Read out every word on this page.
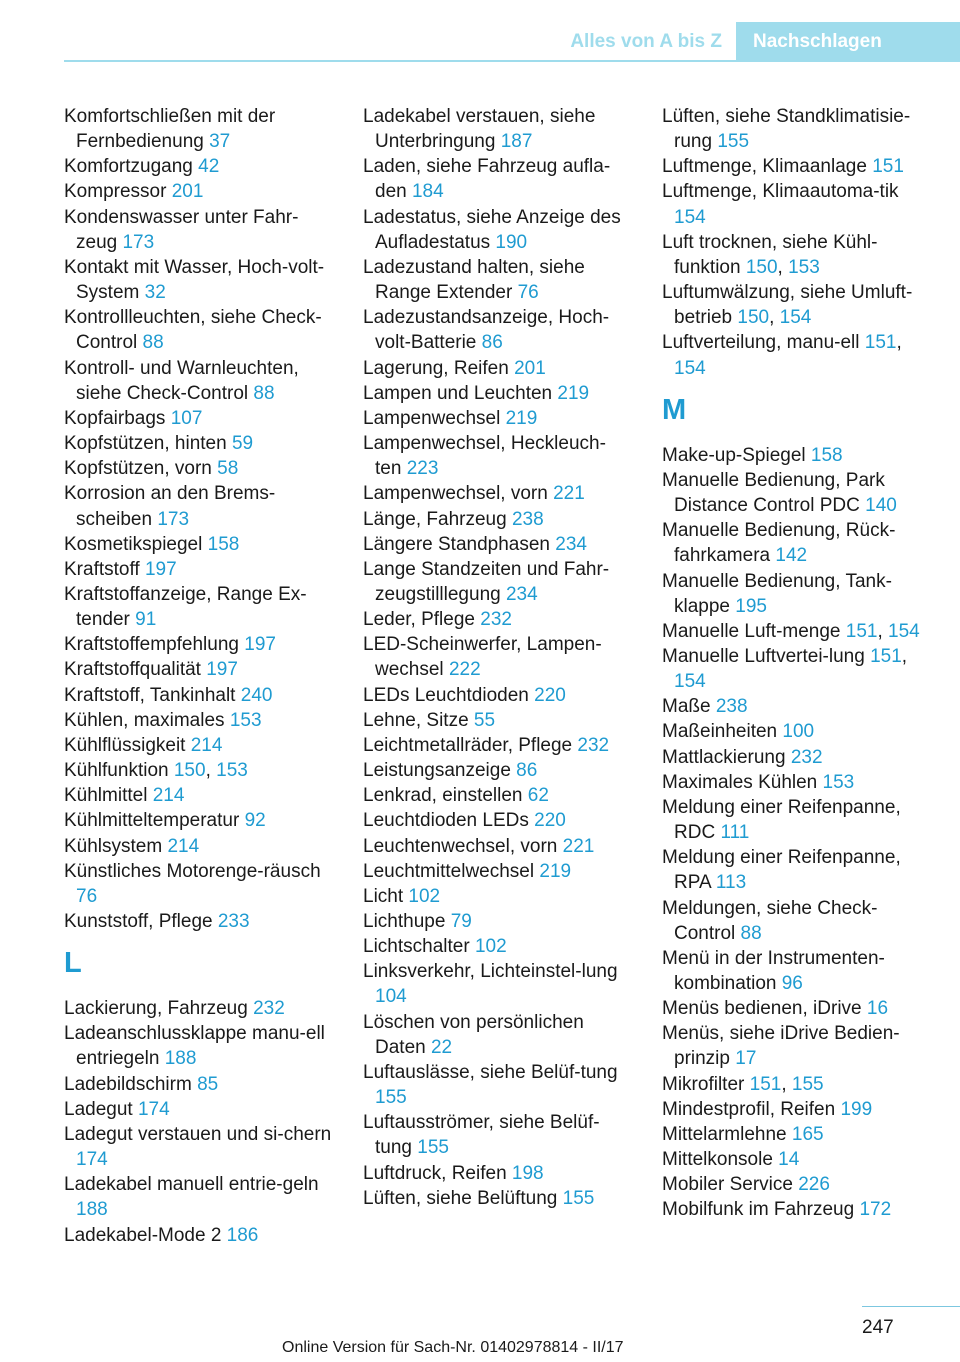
Alles von A bis Z	Nachschlagen
Komfortschließen mit der Fernbedienung 37
Komfortzugang 42
Kompressor 201
Kondenswasser unter Fahr-zeug 173
Kontakt mit Wasser, Hoch-volt-System 32
Kontrollleuchten, siehe Check-Control 88
Kontroll- und Warnleuchten, siehe Check-Control 88
Kopfairbags 107
Kopfstützen, hinten 59
Kopfstützen, vorn 58
Korrosion an den Brems-scheiben 173
Kosmetikspiegel 158
Kraftstoff 197
Kraftstoffanzeige, Range Ex-tender 91
Kraftstoffempfehlung 197
Kraftstoffqualität 197
Kraftstoff, Tankinhalt 240
Kühlen, maximales 153
Kühlflüssigkeit 214
Kühlfunktion 150, 153
Kühlmittel 214
Kühlmitteltemperatur 92
Kühlsystem 214
Künstliches Motorenge-räusch 76
Kunststoff, Pflege 233
L
Lackierung, Fahrzeug 232
Ladeanschlussklappe manu-ell entriegeln 188
Ladebildschirm 85
Ladegut 174
Ladegut verstauen und si-chern 174
Ladekabel manuell entrie-geln 188
Ladekabel-Mode 2 186
Ladekabel verstauen, siehe Unterbringung 187
Laden, siehe Fahrzeug aufla-den 184
Ladestatus, siehe Anzeige des Aufladestatus 190
Ladezustand halten, siehe Range Extender 76
Ladezustandsanzeige, Hoch-volt-Batterie 86
Lagerung, Reifen 201
Lampen und Leuchten 219
Lampenwechsel 219
Lampenwechsel, Heckleuch-ten 223
Lampenwechsel, vorn 221
Länge, Fahrzeug 238
Längere Standphasen 234
Lange Standzeiten und Fahr-zeugstilllegung 234
Leder, Pflege 232
LED-Scheinwerfer, Lampen-wechsel 222
LEDs Leuchtdioden 220
Lehne, Sitze 55
Leichtmetallräder, Pflege 232
Leistungsanzeige 86
Lenkrad, einstellen 62
Leuchtdioden LEDs 220
Leuchtenwechsel, vorn 221
Leuchtmittelwechsel 219
Licht 102
Lichthupe 79
Lichtschalter 102
Linksverkehr, Lichteinstel-lung 104
Löschen von persönlichen Daten 22
Luftauslässe, siehe Belüf-tung 155
Luftausströmer, siehe Belüf-tung 155
Luftdruck, Reifen 198
Lüften, siehe Belüftung 155
Lüften, siehe Standklimatisie-rung 155
Luftmenge, Klimaanlage 151
Luftmenge, Klimaautoma-tik 154
Luft trocknen, siehe Kühl-funktion 150, 153
Luftumwälzung, siehe Umluft-betrieb 150, 154
Luftverteilung, manu-ell 151, 154
M
Make-up-Spiegel 158
Manuelle Bedienung, Park Distance Control PDC 140
Manuelle Bedienung, Rück-fahrkamera 142
Manuelle Bedienung, Tank-klappe 195
Manuelle Luft-menge 151, 154
Manuelle Luftvertei-lung 151, 154
Maße 238
Maßeinheiten 100
Mattlackierung 232
Maximales Kühlen 153
Meldung einer Reifenpanne, RDC 111
Meldung einer Reifenpanne, RPA 113
Meldungen, siehe Check-Control 88
Menü in der Instrumenten-kombination 96
Menüs bedienen, iDrive 16
Menüs, siehe iDrive Bedien-prinzip 17
Mikrofilter 151, 155
Mindestprofil, Reifen 199
Mittelarmlehne 165
Mittelkonsole 14
Mobiler Service 226
Mobilfunk im Fahrzeug 172
247
Online Version für Sach-Nr. 01402978814 - II/17
